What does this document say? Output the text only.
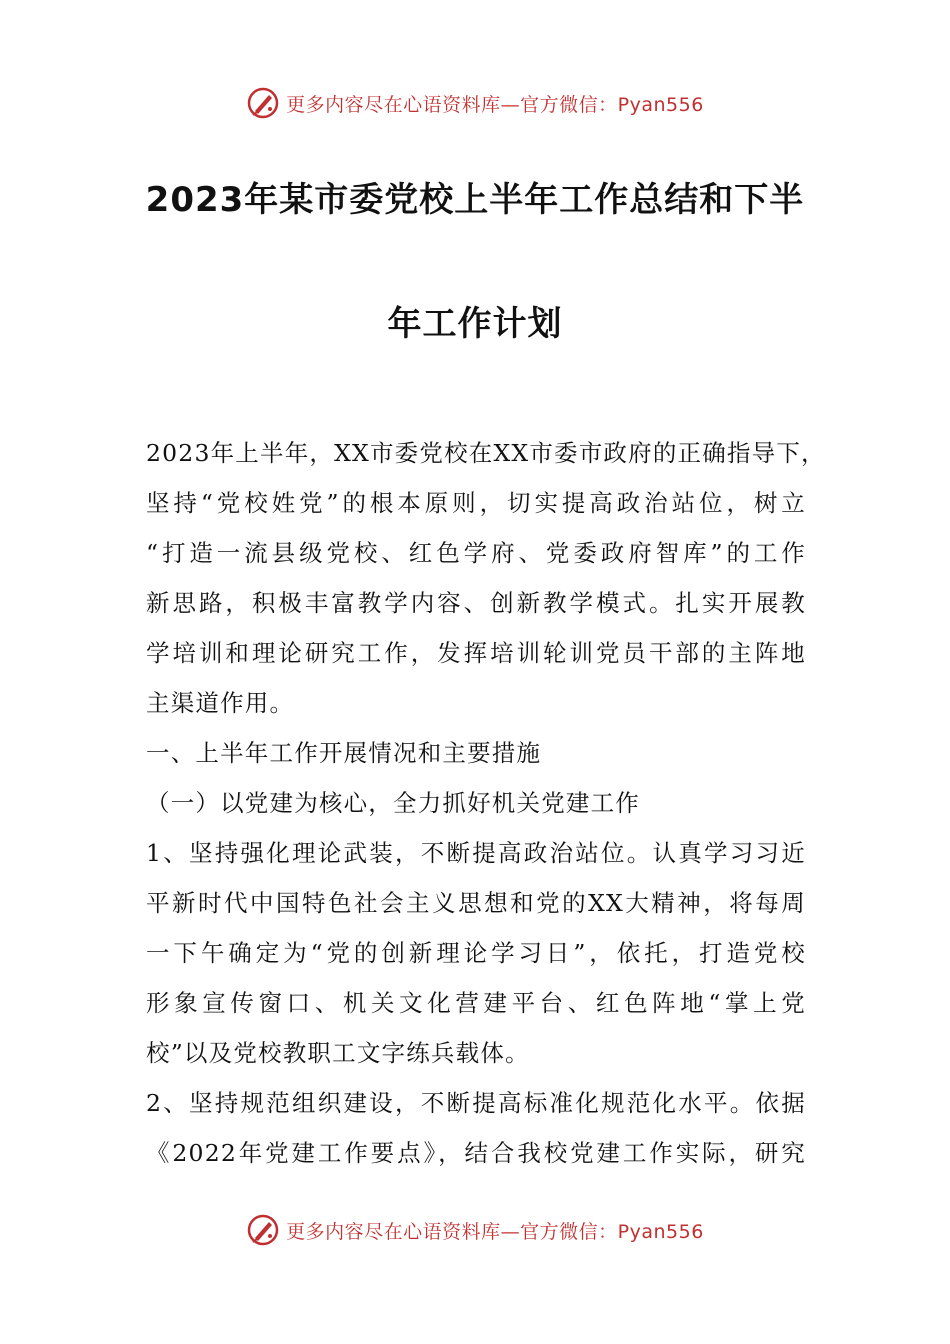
更多内容尽在心语资料库—官方微信：Pyan556
2023年某市委党校上半年工作总结和下半
年工作计划
2023年上半年，XX市委党校在XX市委市政府的正确指导下，
坚持“党校姓党”的根本原则，切实提高政治站位，树立
“打造一流县级党校、红色学府、党委政府智库”的工作
新思路，积极丰富教学内容、创新教学模式。扎实开展教
学培训和理论研究工作，发挥培训轮训党员干部的主阵地
主渠道作用。
一、上半年工作开展情况和主要措施
（一）以党建为核心，全力抓好机关党建工作
1、坚持强化理论武装，不断提高政治站位。认真学习习近
平新时代中国特色社会主义思想和党的XX大精神，将每周
一下午确定为“党的创新理论学习日”，依托，打造党校
形象宣传窗口、机关文化营建平台、红色阵地“掌上党
校”以及党校教职工文字练兵载体。
2、坚持规范组织建设，不断提高标准化规范化水平。依据
《2022年党建工作要点》，结合我校党建工作实际，研究
更多内容尽在心语资料库—官方微信：Pyan556
